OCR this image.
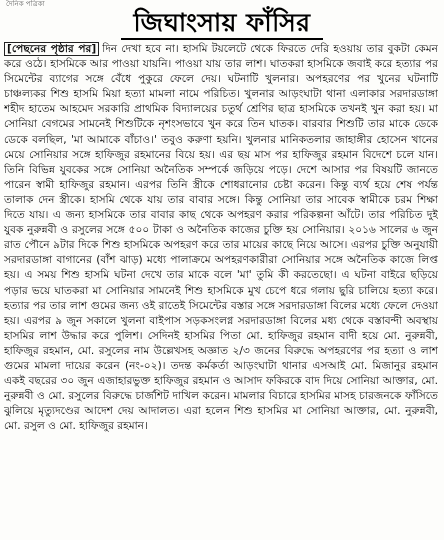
দৈনিক পত্রিকা
জিঘাংসায় ফাঁসির

[পেছনের পৃষ্ঠার পর] দিন দেখা হবে না। হাসমি টয়লেটে থেকে ফিরতে দেরি হওয়ায় তার বুকটা কেমন করে ওঠে। হাসমিকে আর পাওয়া যায়নি। পাওয়া যায় তার লাশ। ঘাতকরা হাসমিকে জবাই করে হত্যার পর সিমেন্টের ব্যাগের সঙ্গে বেঁধে পুকুরে ফেলে দেয়। ঘটনাটি খুলনার। অপহরণের পর খুনের ঘটনাটি চাঞ্চল্যকর শিশু হাসমি মিয়া হত্যা মামলা নামে পরিচিত। খুলনার আড়ংঘাটা থানা এলাকার সরদারডাঙ্গা শহীদ হাতেম আহমেদ সরকারি প্রাথমিক বিদ্যালয়ের চতুর্থ শ্রেণির ছাত্র হাসমিকে তখনই খুন করা হয়। মা সোনিয়া বেগমের সামনেই শিশুটিকে নৃশংসভাবে খুন করে তিন ঘাতক। বারবার শিশুটি তার মাকে ডেকে ডেকে বলছিল, 'মা আমাকে বাঁচাও।' তবুও করুণা হয়নি। খুলনার মানিকতলার জাহাঙ্গীর হোসেন খানের মেয়ে সোনিয়ার সঙ্গে হাফিজুর রহমানের বিয়ে হয়। এর ছয় মাস পর হাফিজুর রহমান বিদেশে চলে যান। তিনি বিভিন্ন যুবকের সঙ্গে সোনিয়া অনৈতিক সম্পর্কে জড়িয়ে পড়ে। দেশে আসার পর বিষয়টি জানতে পারেন স্বামী হাফিজুর রহমান। এরপর তিনি স্ত্রীকে শোধরানোর চেষ্টা করেন। কিন্তু ব্যর্থ হয়ে শেষ পর্যন্ত তালাক দেন স্ত্রীকে। হাসমি থেকে যায় তার বাবার সঙ্গে। কিন্তু সোনিয়া তার সাবেক স্বামীকে চরম শিক্ষা দিতে যায়। এ জন্য হাসমিকে তার বাবার কাছ থেকে অপহরণ করার পরিকল্পনা আঁটে। তার পরিচিত দুই যুবক নুরুন্নবী ও রসুলের সঙ্গে ৫০০ টাকা ও অনৈতিক কাজের চুক্তি হয় সোনিয়ার। ২০১৬ সালের ৬ জুন রাত পৌনে ৯টার দিকে শিশু হাসমিকে অপহরণ করে তার মায়ের কাছে নিয়ে আসে। এরপর চুক্তি অনুযায়ী সরদারডাঙ্গা বাগানের (বাঁশ ঝাড়) মধ্যে পালাক্রমে অপহরণকারীরা সোনিয়ার সঙ্গে অনৈতিক কাজে লিপ্ত হয়। এ সময় শিশু হাসমি ঘটনা দেখে তার মাকে বলে 'মা' তুমি কী করতেছো। এ ঘটনা বাইরে ছড়িয়ে পড়ার ভয়ে ঘাতকরা মা সোনিয়ার সামনেই শিশু হাসমিকে মুখ চেপে ধরে গলায় ছুরি চালিয়ে হত্যা করে। হত্যার পর তার লাশ গুমের জন্য ওই রাতেই সিমেন্টের বস্তার সঙ্গে সরদারডাঙ্গা বিলের মধ্যে ফেলে দেওয়া হয়। এরপর ৯ জুন সকালে খুলনা বাইপাস সড়কসংলগ্ন সরদারডাঙ্গা বিলের মধ্য থেকে বস্তাবন্দী অবস্থায় হাসমির লাশ উদ্ধার করে পুলিশ। সেদিনই হাসমির পিতা মো. হাফিজুর রহমান বাদী হয়ে মো. নুরুন্নবী, হাফিজুর রহমান, মো. রসুলের নাম উল্লেখসহ অজ্ঞাত ২/৩ জনের বিরুদ্ধে অপহরণের পর হত্যা ও লাশ গুমের মামলা দায়ের করেন (নং-০২)। তদন্ত কর্মকর্তা আড়ংঘাটা থানার এসআই মো. মিজানুর রহমান একই বছরের ৩০ জুন এজাহারভুক্ত হাফিজুর রহমান ও আসাদ ফকিরকে বাদ দিয়ে সোনিয়া আক্তার, মো. নুরুন্নবী ও মো. রসুলের বিরুদ্ধে চার্জশিট দাখিল করেন। মামলার বিচারে হাসমির মাসহ চারজনকে ফাঁসিতে ঝুলিয়ে মৃত্যুদণ্ডের আদেশ দেয় আদালত। এরা হলেন শিশু হাসমির মা সোনিয়া আক্তার, মো. নুরুন্নবী, মো. রসুল ও মো. হাফিজুর রহমান।
